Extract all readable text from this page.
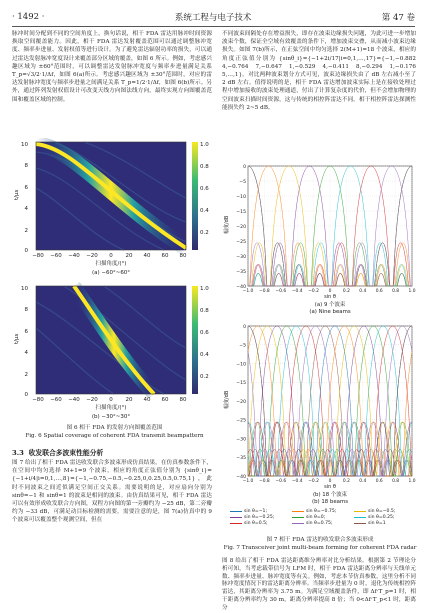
· 1492 ·	系统工程与电子技术	第 47 卷

脉冲时间分配到不同的空间角度上，换句话说，相干 FDA 雷达用脉冲时间资源换取空间覆盖能力。因此，相干 FDA 雷达发射覆盖范围可以通过调整脉冲宽度、频率步进量、发射权值等进行设计。为了避免雷达辐射功率的损失，可以通过雷达发射脉冲宽度设计来覆盖部分区域的覆盖，如图 6 所示。例如，考虑感兴趣区域为 ±60°范围时，可以调整雷达发射脉冲宽度与频率步进量满足关系 T_p=√3/2·1/Δf，如图 6(a)所示。考虑感兴趣区域为 ±30°范围时，对应的雷达发射脉冲宽度与频率步进量之间满足关系 T_p=1/2·1/Δf，如图 6(b)所示。另外，通过阵列发射权值设计可改变天线方向图法线方向，最终实现方向图覆盖范围和覆盖区域的控制。

1.0
0.8
0.6
0.4
0.2
10
8
6
4
2
0
t/μs
−80 −60 −40 −20 0 20 40 60 80
扫描角度/(°)
(a) −60°~60°
1.0
0.8
0.6
0.4
0.2
10
8
6
4
2
0
t/μs
−80 −60 −40 −20 0 20 40 60 80
扫描角度/(°)
(b) −30°~30°
图 6 相干 FDA 的发射方向图覆盖范围
Fig. 6 Spatial coverage of coherent FDA transmit beampattern
3.3 收发联合多波束性能分析

图 7 给出了相干 FDA 雷达收发联合多波束形成仿真结果。在仿真参数条件下，在空间中均匀选择 M+1=9 个波束，相应的角度正弦值分别为 {sinθ_i}={−1+i/4|i=0,1,…,8}={−1,−0.75,−0.5,−0.25,0,0.25,0.5,0.75,1}，此时不同波束之间近似满足空间正交关系。需要说明的是，对应扇向分别为 sinθ=−1 和 sinθ=1 的波束是相同的波束。由仿真结果可见，相干 FDA 雷达可以有效形成收发联合方向图，双程方向图的第一旁瓣约为 −25 dB，第二旁瓣约为 −33 dB，可满足动目标检测的需要。需要注意的是，图 7(a)仿真中的 9 个波束可以覆盖整个观测空间，但在

不同波束间隔处存在增益损失，即存在波束边缘损失问题，为此可进一步增加波束个数，保证全空域有效覆盖的条件下，增加波束交叠，从而减小波束边缘损失。如图 7(b)所示，在正弦空间中均匀选择 2(M+1)=18 个波束，相应的角度正弦值分别为 {sinθ_i}={−1+2i/17|i=0,1,…,17}={−1,−0.882 4,−0.764 7,−0.647 1,−0.529 4,−0.411 8,−0.294 1,−0.176 5,…,1}。对比两种波束划分方式可见，波束边缘损失由了 dB 左右减小至了 2 dB 左右。值得说明的是，相干 FDA 雷达增加波束实际上是在接收处理过程中增加接收的波束处理通道，付出了计算复杂度的代价，但不会增加物理的空间波束扫描时间资源，这与传统的相控阵雷达不同。相干相控阵雷达探测性能损失约 2~5 dB。

0
−5
−10
−15
−20
−25
−30
−35
−40
−1.0 −0.8 −0.6 −0.4 −0.2 0	0.2 0.4 0.6 0.8 1.0
幅度/dB
sin θ
(a) 9 个波束
(a) Nine beams
0
−5
−10
−15
−20
−25
−30
−35
−40
−1.0 −0.8 −0.6 −0.4 −0.2 0	0.2 0.4 0.6 0.8 1.0
幅度/dB
sin θ
(b) 18 个波束
(b) 18 beams
sin θ=−1;	sin θ=−0.75;	sin θ=−0.5;
sin θ=−0.25;	sin θ=0;	sin θ=0.25;
sin θ=0.5;	sin θ=0.75;	sin θ=1
图 7 相干 FDA 雷达的收发联合多波束形成
Fig. 7 Transceiver joint multi-beam forming for coherent FDA radar

图 8 给出了相干 FDA 雷达距离维分辨率对比分析结果。根据第 2 节理论分析可知，当考虑载带信号为 LFM 时，相干 FDA 雷达距离分辨率与天线单元数、频率步进量、脉冲宽度等有关。例如，考虑本节仿真参数，这里分析不同脉冲宽度情况下的雷达距离分辨率。当频率步进量为 0 时，退化为传统相控阵雷达，其距离分辨率为 3.75 m。为满足空域覆盖条件，即 Δf·T_p=1 时，相干距离分辨率约为 30 m，距离分辨率提高 8 倍；当 0<Δf·T_p<1 时，距离分
